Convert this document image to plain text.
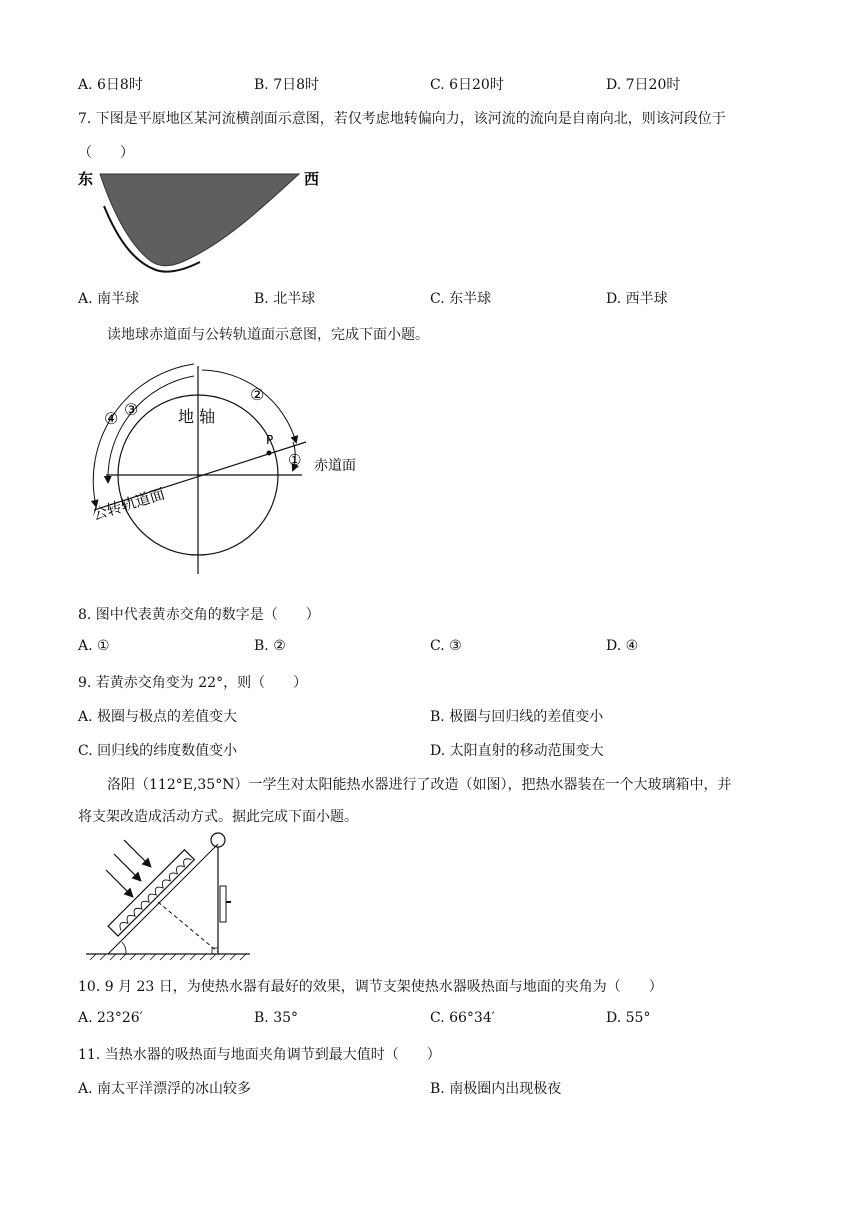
A. 6日8时	B. 7日8时	C. 6日20时	D. 7日20时
7. 下图是平原地区某河流横剖面示意图，若仅考虑地转偏向力，该河流的流向是自南向北，则该河段位于
（　　）
东	西
A. 南半球	B. 北半球	C. 东半球	D. 西半球
读地球赤道面与公转轨道面示意图，完成下面小题。
地 轴
P
赤道面
公转轨道面
①
②
③
④
8. 图中代表黄赤交角的数字是（　　）
A. ①	B. ②	C. ③	D. ④
9. 若黄赤交角变为 22°，则（　　）
A. 极圈与极点的差值变大	B. 极圈与回归线的差值变小
C. 回归线的纬度数值变小	D. 太阳直射的移动范围变大
洛阳（112°E,35°N）一学生对太阳能热水器进行了改造（如图），把热水器装在一个大玻璃箱中，并
将支架改造成活动方式。据此完成下面小题。
10. 9 月 23 日，为使热水器有最好的效果，调节支架使热水器吸热面与地面的夹角为（　　）
A. 23°26′	B. 35°	C. 66°34′	D. 55°
11. 当热水器的吸热面与地面夹角调节到最大值时（　　）
A. 南太平洋漂浮的冰山较多	B. 南极圈内出现极夜
